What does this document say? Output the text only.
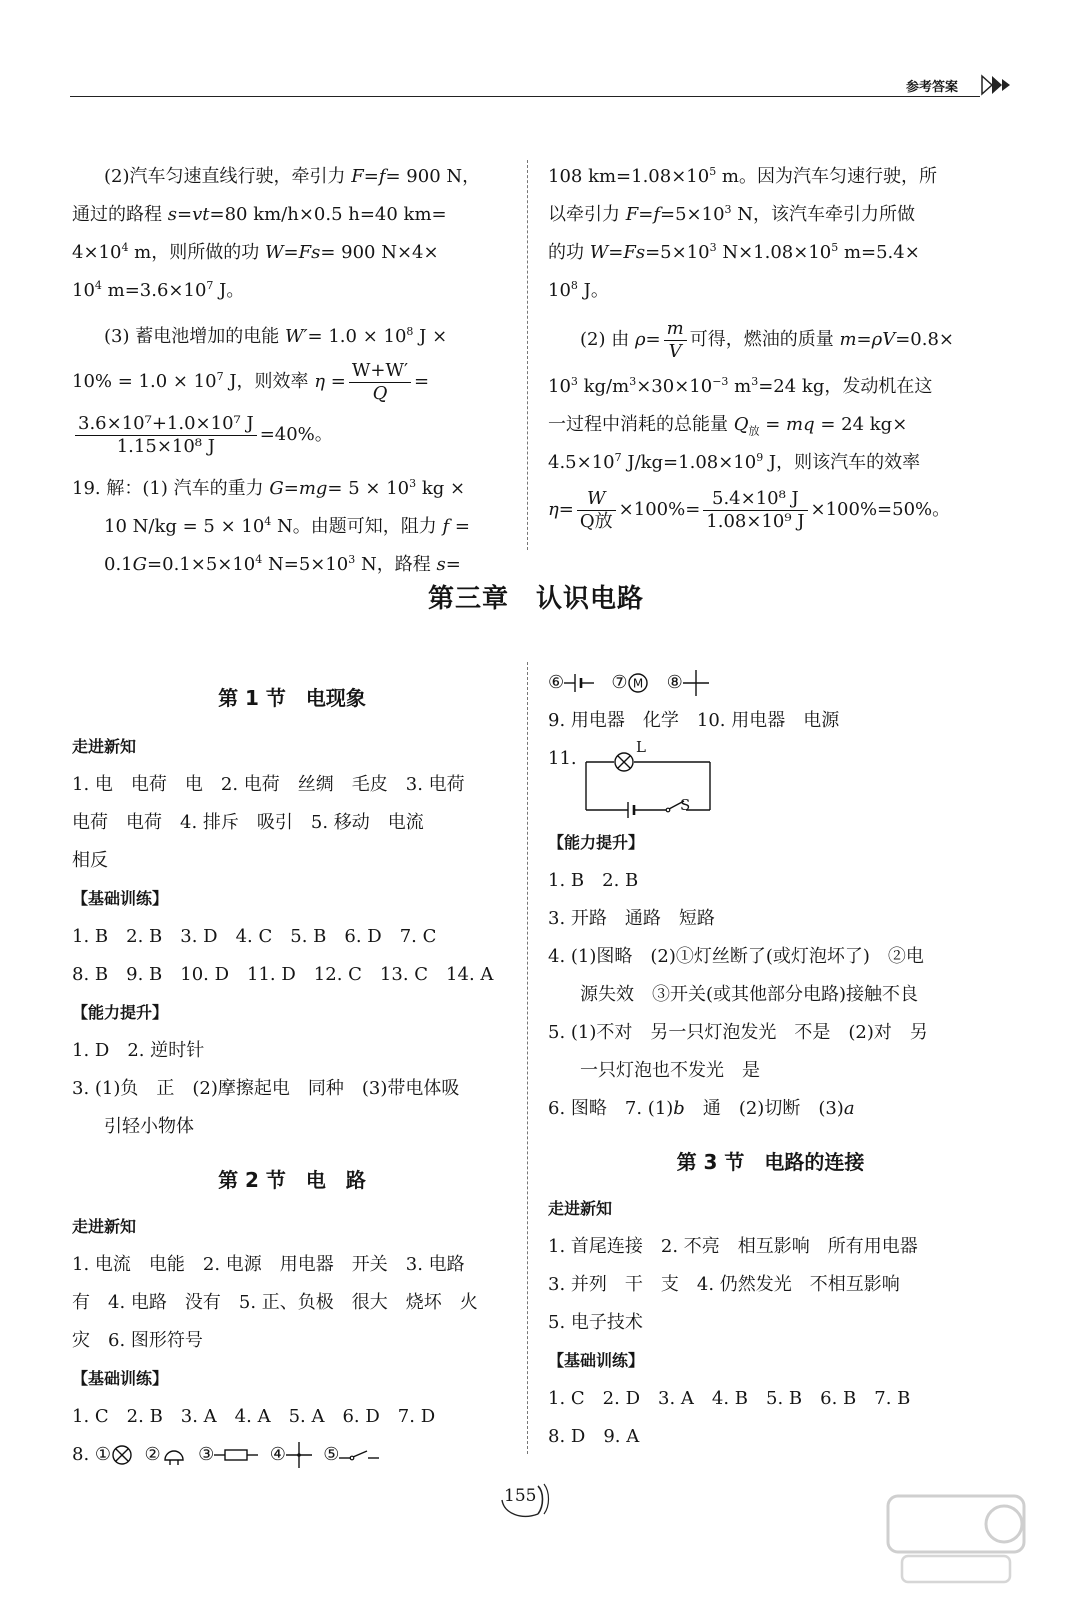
参考答案

(2)汽车匀速直线行驶，牵引力 F=f= 900 N，

通过的路程 s=vt=80 km/h×0.5 h=40 km=

$4\times 10^4$ m，则所做的功 W=Fs= 900 N×4×

$10^4$ $m=3.6\times 10^7$ J。

(3) 蓄电池增加的电能 $W'= 1.0 \times 10^8$ J ×

$10\% = 1.0 \times 10^7$ J，则效率 $\eta = \frac{W+W'}{Q}$ =

$\frac{\text{3.6×10⁷+1.0×10⁷ J}}{\text{1.15×10⁸ J}} =40\%$。

19. 解：(1) 汽车的重力 $G=mg= 5 \times 10^3$ kg ×

10 $N/kg = 5 \times 10^4$ N。由题可知，阻力 f =

$0.1G=0.1\times 5\times 10^4$ $N=5\times 10^3$ N，路程 s=

108 $km=1.08\times 10^5$ m。因为汽车匀速行驶，所

以牵引力 $F=f=5\times 10^3$ N，该汽车牵引力所做

的功 $W=Fs=5\times 10^3$ $N\times 1.08\times 10^5$ m=5.4×

$10^8$ J。

(2) 由 $\rho= \frac{m}{V}$ 可得，燃油的质量 m=ρV=0.8×

$10^3$ $kg/m^3\times 30\times 10^{-3}$ $m^3=24$ kg，发动机在这

一过程中消耗的总能量 $Q_放$ = mq = 24 kg×

$4.5\times 10^7$ $J/kg=1.08\times 10^9$ J，则该汽车的效率

$\eta= \frac{W}{\text{Q放}} \times 100\%= \frac{\text{5.4×10⁸ J}}{\text{1.08×10⁹ J}} \times 100\%=50\%$。

第三章　认识电路

第 1 节　电现象

走进新知

1. 电　电荷　电　2. 电荷　丝绸　毛皮　3. 电荷

电荷　电荷　4. 排斥　吸引　5. 移动　电流

相反

【基础训练】

1. B　2. B　3. D　4. C　5. B　6. D　7. C

8. B　9. B　10. D　11. D　12. C　13. C　14. A

【能力提升】

1. D　2. 逆时针

3. (1)负　正　(2)摩擦起电　同种　(3)带电体吸

引轻小物体

第 2 节　电　路

走进新知

1. 电流　电能　2. 电源　用电器　开关　3. 电路

有　4. 电路　没有　5. 正、负极　很大　烧坏　火

灾　6. 图形符号

【基础训练】

1. C　2. B　3. A　4. A　5. A　6. D　7. D

8. ① ② ③	④ ⑤

⑥	⑦ M ⑧

9. 用电器　化学　10. 用电器　电源

11.
L
S

【能力提升】

1. B　2. B

3. 开路　通路　短路

4. (1)图略　(2)①灯丝断了(或灯泡坏了)　②电

源失效　③开关(或其他部分电路)接触不良

5. (1)不对　另一只灯泡发光　不是　(2)对　另

一只灯泡也不发光　是

6. 图略　7. (1)b　通　(2)切断　(3)a

第 3 节　电路的连接

走进新知

1. 首尾连接　2. 不亮　相互影响　所有用电器

3. 并列　干　支　4. 仍然发光　不相互影响

5. 电子技术

【基础训练】

1. C　2. D　3. A　4. B　5. B　6. B　7. B

8. D　9. A

155
